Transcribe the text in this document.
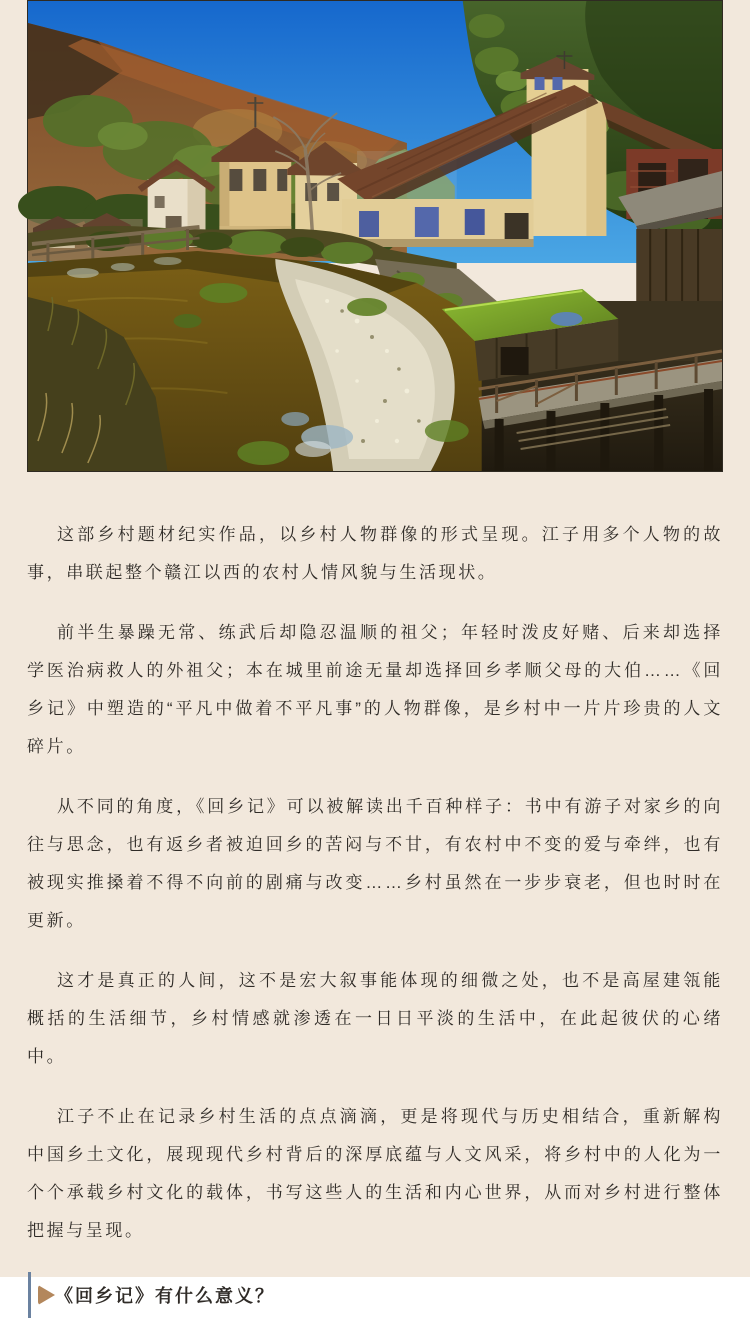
这部乡村题材纪实作品，以乡村人物群像的形式呈现。江子用多个人物的故事，串联起整个赣江以西的农村人情风貌与生活现状。

前半生暴躁无常、练武后却隐忍温顺的祖父；年轻时泼皮好赌、后来却选择学医治病救人的外祖父；本在城里前途无量却选择回乡孝顺父母的大伯……《回乡记》中塑造的“平凡中做着不平凡事”的人物群像，是乡村中一片片珍贵的人文碎片。

从不同的角度，《回乡记》可以被解读出千百种样子：书中有游子对家乡的向往与思念，也有返乡者被迫回乡的苦闷与不甘，有农村中不变的爱与牵绊，也有被现实推搡着不得不向前的剧痛与改变……乡村虽然在一步步衰老，但也时时在更新。

这才是真正的人间，这不是宏大叙事能体现的细微之处，也不是高屋建瓴能概括的生活细节，乡村情感就渗透在一日日平淡的生活中，在此起彼伏的心绪中。

江子不止在记录乡村生活的点点滴滴，更是将现代与历史相结合，重新解构中国乡土文化，展现现代乡村背后的深厚底蕴与人文风采，将乡村中的人化为一个个承载乡村文化的载体，书写这些人的生活和内心世界，从而对乡村进行整体把握与呈现。

《回乡记》有什么意义？
